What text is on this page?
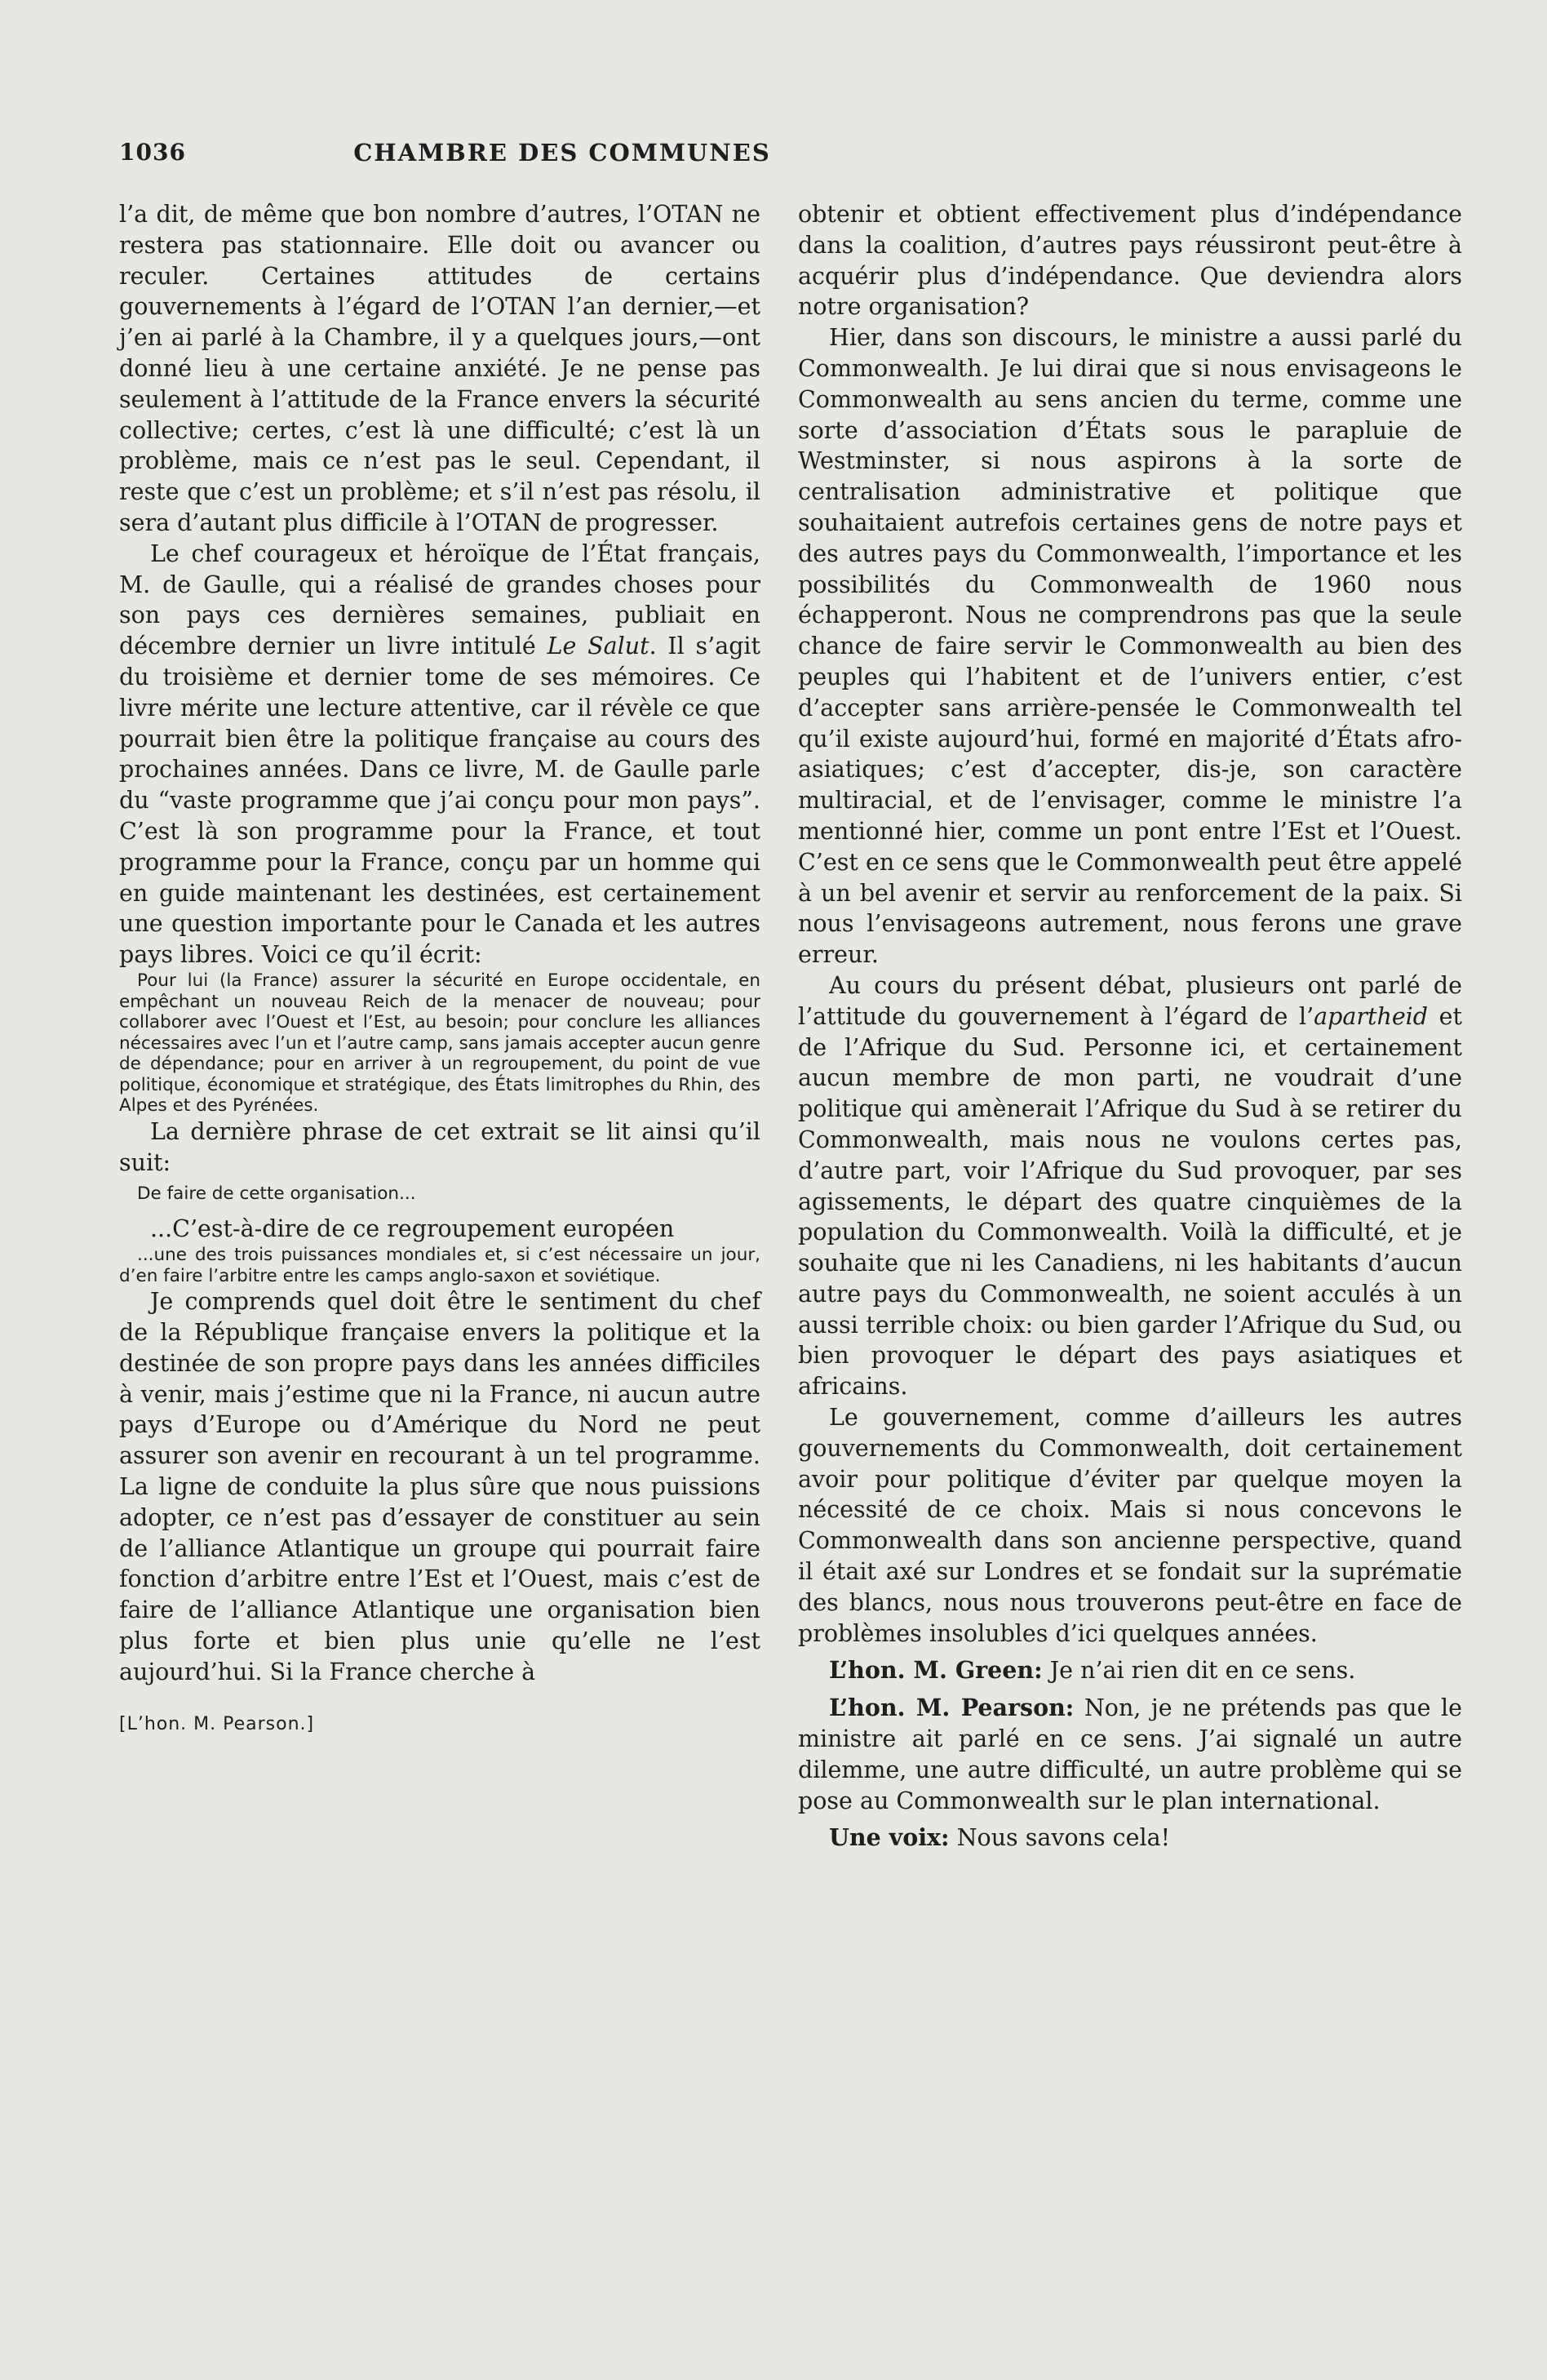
1036	CHAMBRE DES COMMUNES

l’a dit, de même que bon nombre d’autres, l’OTAN ne restera pas stationnaire. Elle doit ou avancer ou reculer. Certaines attitudes de certains gouvernements à l’égard de l’OTAN l’an dernier,—et j’en ai parlé à la Chambre, il y a quelques jours,—ont donné lieu à une certaine anxiété. Je ne pense pas seulement à l’attitude de la France envers la sécurité collective; certes, c’est là une difficulté; c’est là un problème, mais ce n’est pas le seul. Cependant, il reste que c’est un problème; et s’il n’est pas résolu, il sera d’autant plus difficile à l’OTAN de progresser.

Le chef courageux et héroïque de l’État français, M. de Gaulle, qui a réalisé de grandes choses pour son pays ces dernières semaines, publiait en décembre dernier un livre intitulé Le Salut. Il s’agit du troisième et dernier tome de ses mémoires. Ce livre mérite une lecture attentive, car il révèle ce que pourrait bien être la politique française au cours des prochaines années. Dans ce livre, M. de Gaulle parle du “vaste programme que j’ai conçu pour mon pays”. C’est là son programme pour la France, et tout programme pour la France, conçu par un homme qui en guide maintenant les destinées, est certainement une question importante pour le Canada et les autres pays libres. Voici ce qu’il écrit:

Pour lui (la France) assurer la sécurité en Europe occidentale, en empêchant un nouveau Reich de la menacer de nouveau; pour collaborer avec l’Ouest et l’Est, au besoin; pour conclure les alliances nécessaires avec l’un et l’autre camp, sans jamais accepter aucun genre de dépendance; pour en arriver à un regroupement, du point de vue politique, économique et stratégique, des États limitrophes du Rhin, des Alpes et des Pyrénées.

La dernière phrase de cet extrait se lit ainsi qu’il suit:

De faire de cette organisation...

...C’est-à-dire de ce regroupement européen

...une des trois puissances mondiales et, si c’est nécessaire un jour, d’en faire l’arbitre entre les camps anglo-saxon et soviétique.

Je comprends quel doit être le sentiment du chef de la République française envers la politique et la destinée de son propre pays dans les années difficiles à venir, mais j’estime que ni la France, ni aucun autre pays d’Europe ou d’Amérique du Nord ne peut assurer son avenir en recourant à un tel programme. La ligne de conduite la plus sûre que nous puissions adopter, ce n’est pas d’essayer de constituer au sein de l’alliance Atlantique un groupe qui pourrait faire fonction d’arbitre entre l’Est et l’Ouest, mais c’est de faire de l’alliance Atlantique une organisation bien plus forte et bien plus unie qu’elle ne l’est aujourd’hui. Si la France cherche à

[L’hon. M. Pearson.]

obtenir et obtient effectivement plus d’indépendance dans la coalition, d’autres pays réussiront peut-être à acquérir plus d’indépendance. Que deviendra alors notre organisation?

Hier, dans son discours, le ministre a aussi parlé du Commonwealth. Je lui dirai que si nous envisageons le Commonwealth au sens ancien du terme, comme une sorte d’association d’États sous le parapluie de Westminster, si nous aspirons à la sorte de centralisation administrative et politique que souhaitaient autrefois certaines gens de notre pays et des autres pays du Commonwealth, l’importance et les possibilités du Commonwealth de 1960 nous échapperont. Nous ne comprendrons pas que la seule chance de faire servir le Commonwealth au bien des peuples qui l’habitent et de l’univers entier, c’est d’accepter sans arrière-pensée le Commonwealth tel qu’il existe aujourd’hui, formé en majorité d’États afro-asiatiques; c’est d’accepter, dis-je, son caractère multiracial, et de l’envisager, comme le ministre l’a mentionné hier, comme un pont entre l’Est et l’Ouest. C’est en ce sens que le Commonwealth peut être appelé à un bel avenir et servir au renforcement de la paix. Si nous l’envisageons autrement, nous ferons une grave erreur.

Au cours du présent débat, plusieurs ont parlé de l’attitude du gouvernement à l’égard de l’apartheid et de l’Afrique du Sud. Personne ici, et certainement aucun membre de mon parti, ne voudrait d’une politique qui amènerait l’Afrique du Sud à se retirer du Commonwealth, mais nous ne voulons certes pas, d’autre part, voir l’Afrique du Sud provoquer, par ses agissements, le départ des quatre cinquièmes de la population du Commonwealth. Voilà la difficulté, et je souhaite que ni les Canadiens, ni les habitants d’aucun autre pays du Commonwealth, ne soient acculés à un aussi terrible choix: ou bien garder l’Afrique du Sud, ou bien provoquer le départ des pays asiatiques et africains.

Le gouvernement, comme d’ailleurs les autres gouvernements du Commonwealth, doit certainement avoir pour politique d’éviter par quelque moyen la nécessité de ce choix. Mais si nous concevons le Commonwealth dans son ancienne perspective, quand il était axé sur Londres et se fondait sur la suprématie des blancs, nous nous trouverons peut-être en face de problèmes insolubles d’ici quelques années.

L’hon. M. Green: Je n’ai rien dit en ce sens.

L’hon. M. Pearson: Non, je ne prétends pas que le ministre ait parlé en ce sens. J’ai signalé un autre dilemme, une autre difficulté, un autre problème qui se pose au Commonwealth sur le plan international.

Une voix: Nous savons cela!
